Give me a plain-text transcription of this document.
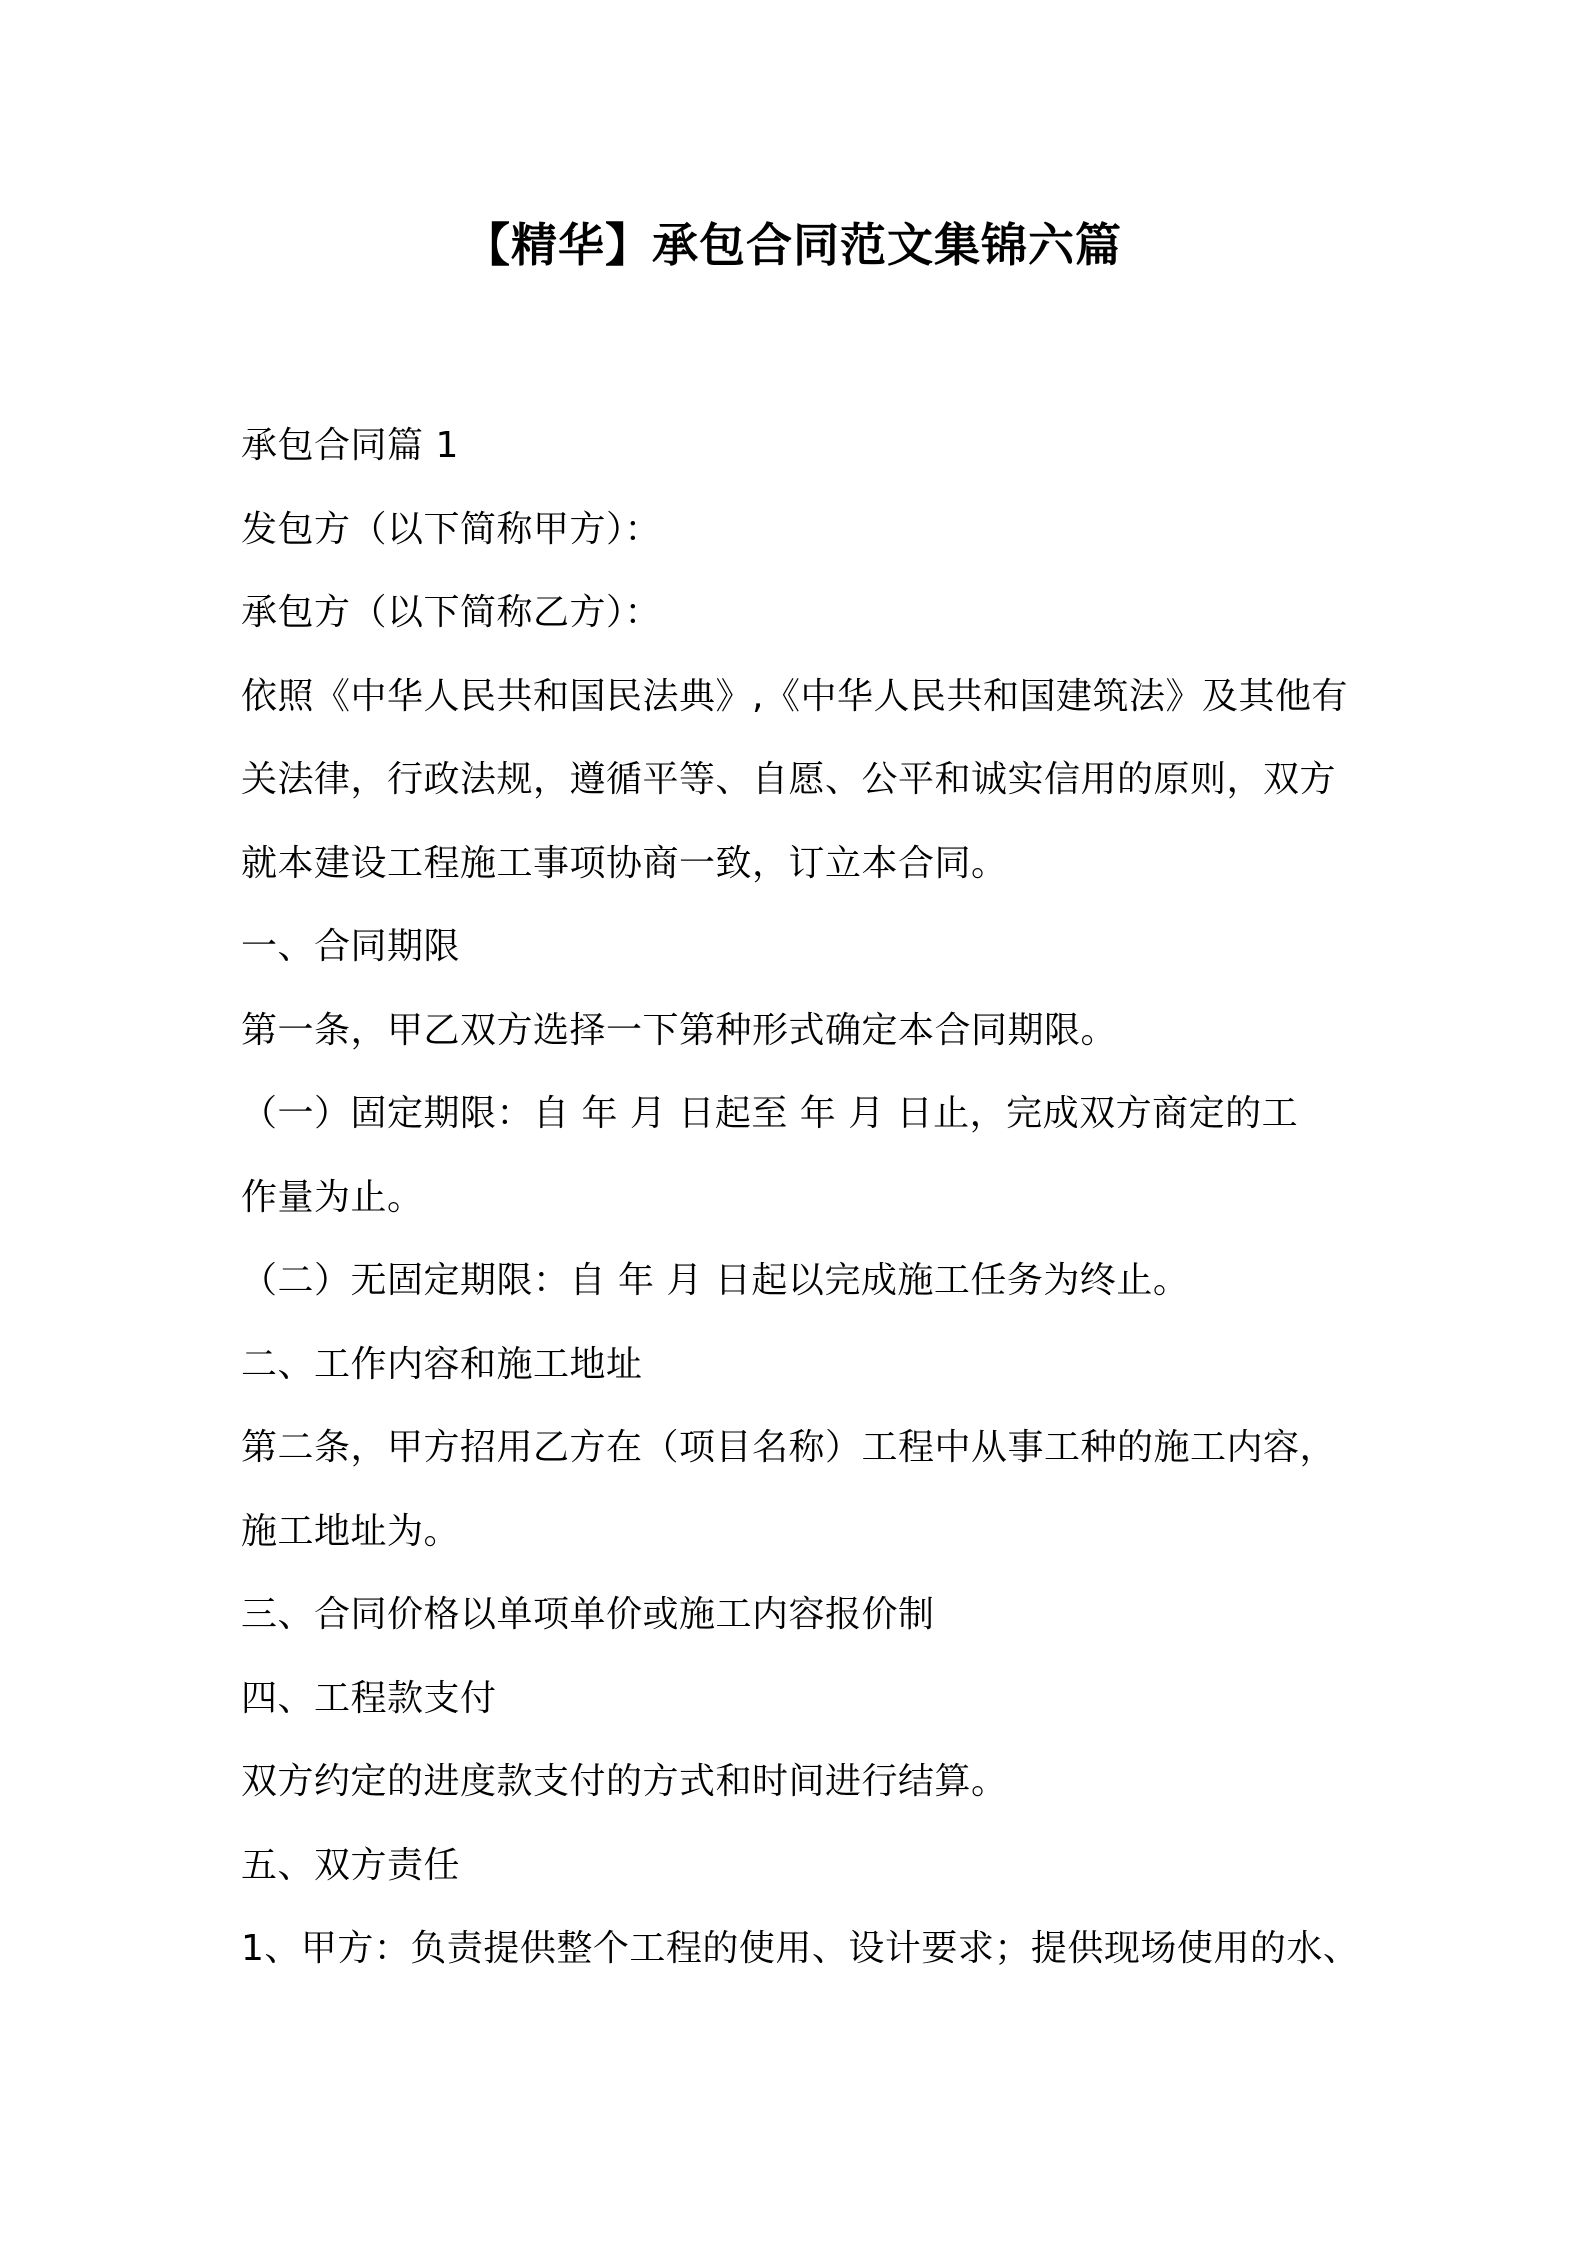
【精华】承包合同范文集锦六篇
承包合同篇 1
发包方（以下简称甲方）：
承包方（以下简称乙方）：
依照《中华人民共和国民法典》,《中华人民共和国建筑法》及其他有
关法律，行政法规，遵循平等、自愿、公平和诚实信用的原则，双方
就本建设工程施工事项协商一致，订立本合同。
一、合同期限
第一条，甲乙双方选择一下第种形式确定本合同期限。
（一）固定期限：自 年 月 日起至 年 月 日止，完成双方商定的工
作量为止。
（二）无固定期限：自 年 月 日起以完成施工任务为终止。
二、工作内容和施工地址
第二条，甲方招用乙方在（项目名称）工程中从事工种的施工内容，
施工地址为。
三、合同价格以单项单价或施工内容报价制
四、工程款支付
双方约定的进度款支付的方式和时间进行结算。
五、双方责任
1、甲方：负责提供整个工程的使用、设计要求；提供现场使用的水、
